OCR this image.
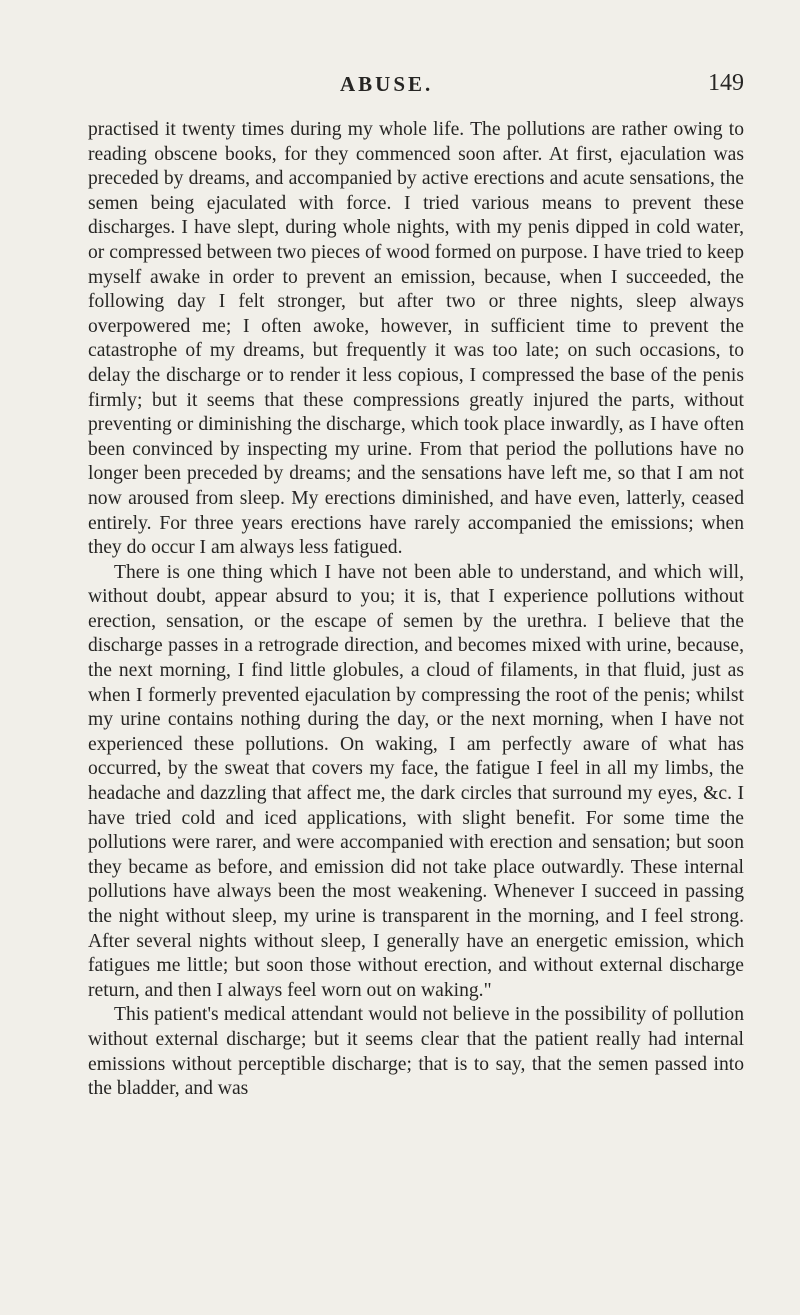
ABUSE.	149

practised it twenty times during my whole life. The pollutions are rather owing to reading obscene books, for they commenced soon after. At first, ejaculation was preceded by dreams, and accompanied by active erections and acute sensations, the semen being ejaculated with force. I tried various means to prevent these discharges. I have slept, during whole nights, with my penis dipped in cold water, or compressed between two pieces of wood formed on purpose. I have tried to keep myself awake in order to prevent an emission, because, when I succeeded, the following day I felt stronger, but after two or three nights, sleep always overpowered me; I often awoke, however, in sufficient time to prevent the catastrophe of my dreams, but frequently it was too late; on such occasions, to delay the discharge or to render it less copious, I compressed the base of the penis firmly; but it seems that these compressions greatly injured the parts, without preventing or diminishing the discharge, which took place inwardly, as I have often been convinced by inspecting my urine. From that period the pollutions have no longer been preceded by dreams; and the sensations have left me, so that I am not now aroused from sleep. My erections diminished, and have even, latterly, ceased entirely. For three years erections have rarely accompanied the emissions; when they do occur I am always less fatigued.

There is one thing which I have not been able to understand, and which will, without doubt, appear absurd to you; it is, that I experience pollutions without erection, sensation, or the escape of semen by the urethra. I believe that the discharge passes in a retrograde direction, and becomes mixed with urine, because, the next morning, I find little globules, a cloud of filaments, in that fluid, just as when I formerly prevented ejaculation by compressing the root of the penis; whilst my urine contains nothing during the day, or the next morning, when I have not experienced these pollutions. On waking, I am perfectly aware of what has occurred, by the sweat that covers my face, the fatigue I feel in all my limbs, the headache and dazzling that affect me, the dark circles that surround my eyes, &c. I have tried cold and iced applications, with slight benefit. For some time the pollutions were rarer, and were accompanied with erection and sensation; but soon they became as before, and emission did not take place outwardly. These internal pollutions have always been the most weakening. Whenever I succeed in passing the night without sleep, my urine is transparent in the morning, and I feel strong. After several nights without sleep, I generally have an energetic emission, which fatigues me little; but soon those without erection, and without external discharge return, and then I always feel worn out on waking."

This patient's medical attendant would not believe in the possibility of pollution without external discharge; but it seems clear that the patient really had internal emissions without perceptible discharge; that is to say, that the semen passed into the bladder, and was
